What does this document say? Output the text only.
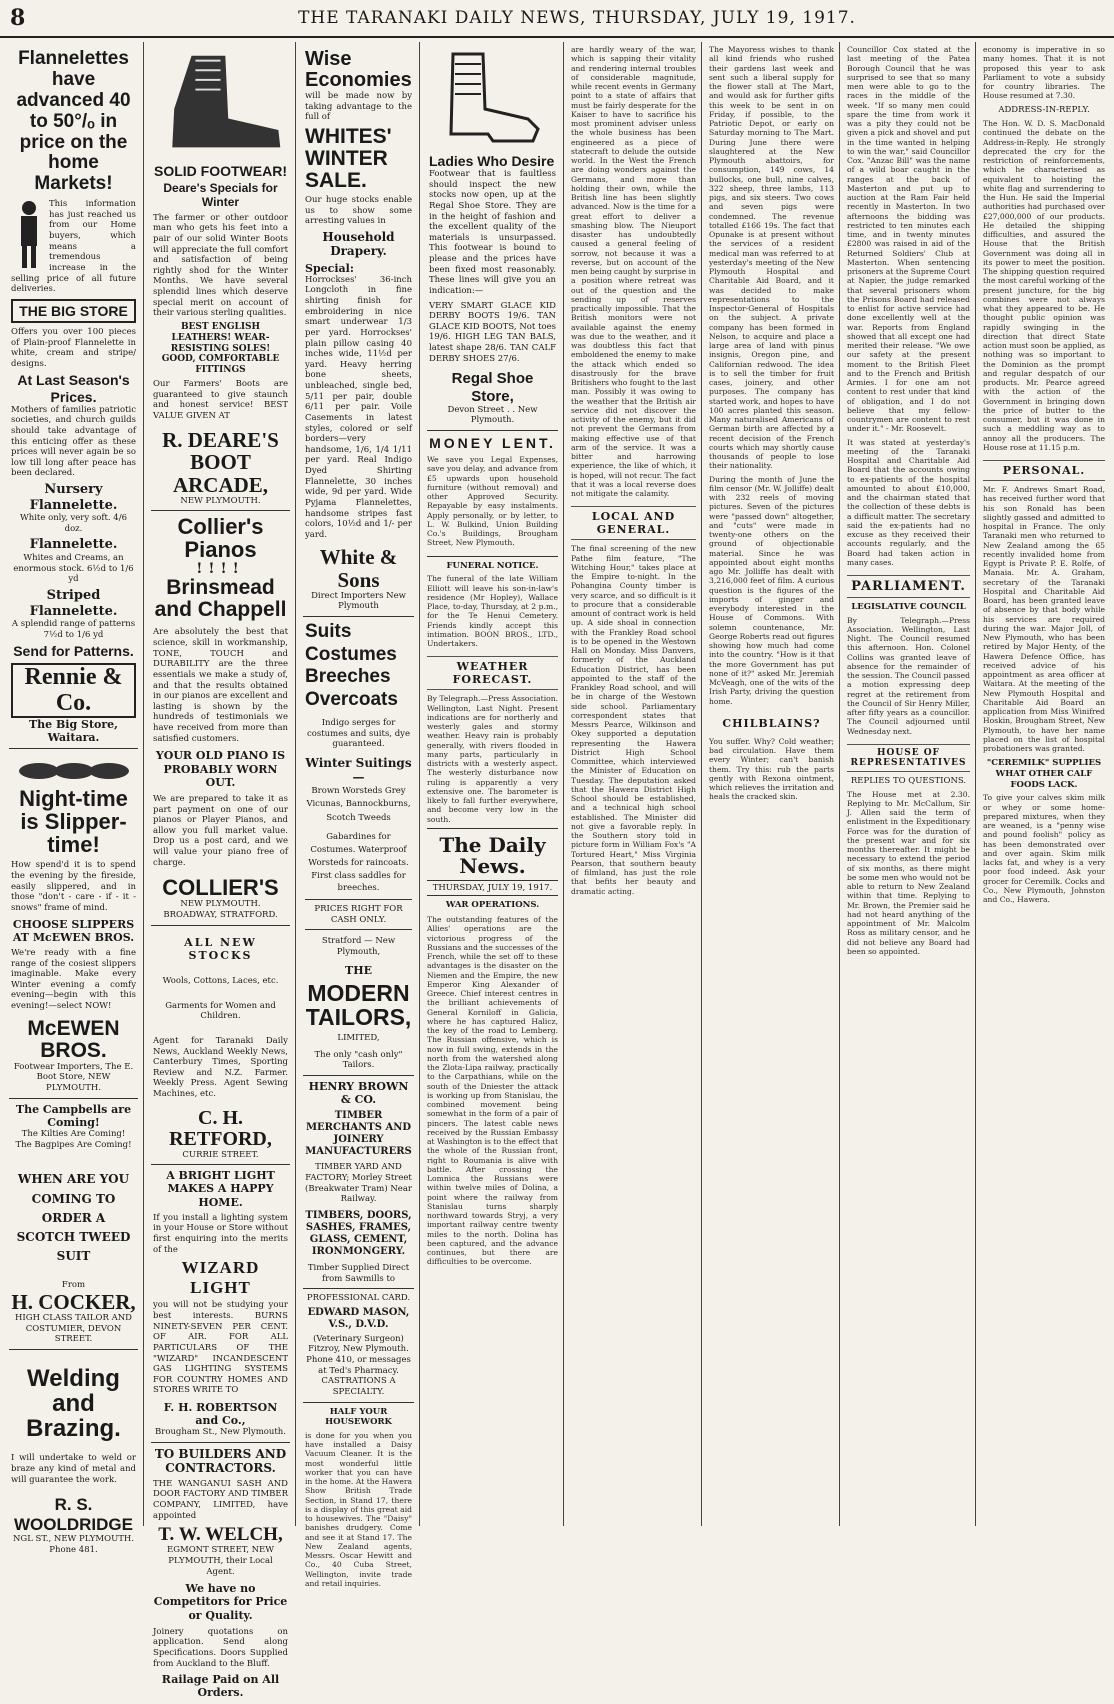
8	THE TARANAKI DAILY NEWS, THURSDAY, JULY 19, 1917.
Flannelettes have advanced 40 to 50°/ₒ in price on the home Markets!
This information has just reached us from our Home buyers, which means a tremendous increase in the selling price of all future deliveries.
THE BIG STORE
Offers you over 100 pieces of Plain-proof Flannelette in white, cream and stripe/ designs.
At Last Season's Prices.
Mothers of families patriotic societies, and church guilds should take advantage of this enticing offer as these prices will never again be so low till long after peace has been declared.
Nursery Flannelette.
White only, very soft. 4/6 doz.
Flannelette.
Whites and Creams, an enormous stock. 6½d to 1/6 yd
Striped Flannelette.
A splendid range of patterns 7½d to 1/6 yd
Send for Patterns.
Rennie & Co.
The Big Store, Waitara.
Night-time is Slipper-time!
How spend'd it is to spend the evening by the fireside, easily slippered, and in those "don't - care - if - it - snows" frame of mind.
CHOOSE SLIPPERS AT McEWEN BROS.
We're ready with a fine range of the cosiest slippers imaginable. Make every Winter evening a comfy evening—begin with this evening!—select NOW!
McEWEN BROS.
Footwear Importers, The E. Boot Store, NEW PLYMOUTH.
The Campbells are Coming!
The Kilties Are Coming!
The Bagpipes Are Coming!
WHEN ARE YOU COMING TO ORDER A SCOTCH TWEED SUIT
From
H. COCKER,
HIGH CLASS TAILOR AND COSTUMIER, DEVON STREET.
Welding and Brazing.
I will undertake to weld or braze any kind of metal and will guarantee the work.
R. S. WOOLDRIDGE
NGL ST., NEW PLYMOUTH. Phone 481.
SOLID FOOTWEAR!
Deare's Specials for Winter
The farmer or other outdoor man who gets his feet into a pair of our solid Winter Boots will appreciate the full comfort and satisfaction of being rightly shod for the Winter Months. We have several splendid lines which deserve special merit on account of their various sterling qualities.
BEST ENGLISH LEATHERS! WEAR-RESISTING SOLES! GOOD, COMFORTABLE FITTINGS
Our Farmers' Boots are guaranteed to give staunch and honest service! BEST VALUE GIVEN AT
R. DEARE'S BOOT ARCADE,
NEW PLYMOUTH.
Collier's Pianos
!!!!
Brinsmead and Chappell
Are absolutely the best that science, skill in workmanship, TONE, TOUCH and DURABILITY are the three essentials we make a study of, and that the results obtained in our pianos are excellent and lasting is shown by the hundreds of testimonials we have received from more than satisfied customers.
YOUR OLD PIANO IS PROBABLY WORN OUT.
We are prepared to take it as part payment on one of our pianos or Player Pianos, and allow you full market value. Drop us a post card, and we will value your piano free of charge.
COLLIER'S
NEW PLYMOUTH. BROADWAY, STRATFORD.
ALL NEW STOCKS
Wools, Cottons, Laces, etc.
Garments for Women and Children.
Agent for Taranaki Daily News, Auckland Weekly News, Canterbury Times, Sporting Review and N.Z. Farmer. Weekly Press. Agent Sewing Machines, etc.
C. H. RETFORD,
CURRIE STREET.
A BRIGHT LIGHT MAKES A HAPPY HOME.
If you install a lighting system in your House or Store without first enquiring into the merits of the
WIZARD LIGHT
you will not be studying your best interests. BURNS NINETY-SEVEN PER CENT. OF AIR. FOR ALL PARTICULARS OF THE "WIZARD" INCANDESCENT GAS LIGHTING SYSTEMS FOR COUNTRY HOMES AND STORES WRITE TO
F. H. ROBERTSON and Co.,
Brougham St., New Plymouth.
TO BUILDERS AND CONTRACTORS.
THE WANGANUI SASH AND DOOR FACTORY AND TIMBER COMPANY, LIMITED, have appointed
T. W. WELCH,
EGMONT STREET, NEW PLYMOUTH, their Local Agent.
We have no Competitors for Price or Quality.
Joinery quotations on application. Send along Specifications. Doors Supplied from Auckland to the Bluff.
Railage Paid on All Orders.
Wise Economies
will be made now by taking advantage to the full of
WHITES' WINTER SALE.
Our huge stocks enable us to show some arresting values in
Household Drapery.
Special:
Horrockses' 36-inch Longcloth in fine shirting finish for embroidering in nice smart underwear 1/3 per yard. Horrockses' plain pillow casing 40 inches wide, 11½d per yard. Heavy herring bone sheets, unbleached, single bed, 5/11 per pair, double 6/11 per pair. Voile Casements in latest styles, colored or self borders—very handsome, 1/6, 1/4 1/11 per yard. Real Indigo Dyed Shirting Flannelette, 30 inches wide, 9d per yard. Wide Pyjama Flannelettes, handsome stripes fast colors, 10½d and 1/- per yard.
White & Sons
Direct Importers New Plymouth
Suits Costumes Breeches Overcoats
Indigo serges for costumes and suits, dye guaranteed.
Winter Suitings—
Brown Worsteds Grey Vicunas, Bannockburns, Scotch Tweeds
Gabardines for Costumes. Waterproof Worsteds for raincoats. First class saddles for breeches.
PRICES RIGHT FOR CASH ONLY.
Stratford — New Plymouth,
THE
MODERN TAILORS,
LIMITED,
The only "cash only" Tailors.
HENRY BROWN & CO.
TIMBER MERCHANTS AND JOINERY MANUFACTURERS
TIMBER YARD AND FACTORY; Morley Street (Breakwater Tram) Near Railway.
TIMBERS, DOORS, SASHES, FRAMES, GLASS, CEMENT, IRONMONGERY.
Timber Supplied Direct from Sawmills to
PROFESSIONAL CARD.
EDWARD MASON, V.S., D.V.D.
(Veterinary Surgeon) Fitzroy, New Plymouth. Phone 410, or messages at Ted's Pharmacy. CASTRATIONS A SPECIALTY.
HALF YOUR HOUSEWORK
is done for you when you have installed a Daisy Vacuum Cleaner. It is the most wonderful little worker that you can have in the home. At the Hawera Show British Trade Section, in Stand 17, there is a display of this great aid to housewives. The "Daisy" banishes drudgery. Come and see it at Stand 17. The New Zealand agents, Messrs. Oscar Hewitt and Co., 40 Cuba Street, Wellington, invite trade and retail inquiries.
Ladies Who Desire
Footwear that is faultless should inspect the new stocks now open, up at the Regal Shoe Store. They are in the height of fashion and the excellent quality of the materials is unsurpassed. This footwear is bound to please and the prices have been fixed most reasonably. These lines will give you an indication:—
VERY SMART GLACE KID DERBY BOOTS 19/6. TAN GLACE KID BOOTS, Not toes 19/6. HIGH LEG TAN BALS, latest shape 28/6. TAN CALF DERBY SHOES 27/6.
Regal Shoe Store,
Devon Street . . New Plymouth.
MONEY LENT.
We save you Legal Expenses, save you delay, and advance from £5 upwards upon household furniture (without removal) and other Approved Security. Repayable by easy instalments. Apply personally, or by letter, to L. W. Bulkind, Union Building Co.'s Buildings, Brougham Street, New Plymouth.
FUNERAL NOTICE.
The funeral of the late William Elliott will leave his son-in-law's residence (Mr Hopley), Wallace Place, to-day, Thursday, at 2 p.m., for the Te Henui Cemetery. Friends kindly accept this intimation. BOON BROS., LTD., Undertakers.
WEATHER FORECAST.
By Telegraph.—Press Association. Wellington, Last Night. Present indications are for northerly and westerly gales and stormy weather. Heavy rain is probably generally, with rivers flooded in many parts, particularly in districts with a westerly aspect. The westerly disturbance now ruling is apparently a very extensive one. The barometer is likely to fall further everywhere, and become very low in the south.
The Daily News.
THURSDAY, JULY 19, 1917.
WAR OPERATIONS.
The outstanding features of the Allies' operations are the victorious progress of the Russians and the successes of the French, while the set off to these advantages is the disaster on the Niemen and the Empire, the new Emperor King Alexander of Greece. Chief interest centres in the brilliant achievements of General Korniloff in Galicia, where he has captured Halicz, the key of the road to Lemberg. The Russian offensive, which is now in full swing, extends in the north from the watershed along the Zlota-Lipa railway, practically to the Carpathians, while on the south of the Dniester the attack is working up from Stanislau, the combined movement being somewhat in the form of a pair of pincers. The latest cable news received by the Russian Embassy at Washington is to the effect that the whole of the Russian front, right to Roumania is alive with battle. After crossing the Lomnica the Russians were within twelve miles of Dolina, a point where the railway from Stanislau turns sharply northward towards Stryj, a very important railway centre twenty miles to the north. Dolina has been captured, and the advance continues, but there are difficulties to be overcome.
are hardly weary of the war, which is sapping their vitality and rendering internal troubles of considerable magnitude, while recent events in Germany point to a state of affairs that must be fairly desperate for the Kaiser to have to sacrifice his most prominent adviser unless the whole business has been engineered as a piece of statecraft to delude the outside world. In the West the French are doing wonders against the Germans, and more than holding their own, while the British line has been slightly advanced. Now is the time for a great effort to deliver a smashing blow. The Nieuport disaster has undoubtedly caused a general feeling of sorrow, not because it was a reverse, but on account of the men being caught by surprise in a position where retreat was out of the question and the sending up of reserves practically impossible. That the British monitors were not available against the enemy was due to the weather, and it was doubtless this fact that emboldened the enemy to make the attack which ended so disastrously for the brave Britishers who fought to the last man. Possibly it was owing to the weather that the British air service did not discover the activity of the enemy, but it did not prevent the Germans from making effective use of that arm of the service. It was a bitter and harrowing experience, the like of which, it is hoped, will not recur. The fact that it was a local reverse does not mitigate the calamity.
LOCAL AND GENERAL.
The final screening of the new Pathe film feature, "The Witching Hour," takes place at the Empire to-night. In the Pohangina County timber is very scarce, and so difficult is it to procure that a considerable amount of contract work is held up. A side shoal in connection with the Frankley Road school is to be opened in the Westown Hall on Monday. Miss Danvers, formerly of the Auckland Education District, has been appointed to the staff of the Frankley Road school, and will be in charge of the Westown side school. Parliamentary correspondent states that Messrs Pearce, Wilkinson and Okey supported a deputation representing the Hawera District High School Committee, which interviewed the Minister of Education on Tuesday. The deputation asked that the Hawera District High School should be established, and a technical high school established. The Minister did not give a favorable reply. In the Southern story told in picture form in William Fox's "A Tortured Heart," Miss Virginia Pearson, that southern beauty of filmland, has just the role that befits her beauty and dramatic acting.
The Mayoress wishes to thank all kind friends who rushed their gardens last week and sent such a liberal supply for the flower stall at The Mart, and would ask for further gifts this week to be sent in on Friday, if possible, to the Patriotic Depot, or early on Saturday morning to The Mart. During June there were slaughtered at the New Plymouth abattoirs, for consumption, 149 cows, 14 bullocks, one bull, nine calves, 322 sheep, three lambs, 113 pigs, and six steers. Two cows and seven pigs were condemned. The revenue totalled £166 19s. The fact that Opunake is at present without the services of a resident medical man was referred to at yesterday's meeting of the New Plymouth Hospital and Charitable Aid Board, and it was decided to make representations to the Inspector-General of Hospitals on the subject. A private company has been formed in Nelson, to acquire and place a large area of land with pinus insignis, Oregon pine, and Californian redwood. The idea is to sell the timber for fruit cases, joinery, and other purposes. The company has started work, and hopes to have 100 acres planted this season. Many naturalised Americans of German birth are affected by a recent decision of the French courts which may shortly cause thousands of people to lose their nationality.
During the month of June the film censor (Mr. W. Jolliffe) dealt with 232 reels of moving pictures. Seven of the pictures were "passed down" altogether, and "cuts" were made in twenty-one others on the ground of objectionable material. Since he was appointed about eight months ago Mr. Jolliffe has dealt with 3,216,000 feet of film. A curious question is the figures of the imports of ginger and everybody interested in the House of Commons. With solemn countenance, Mr. George Roberts read out figures showing how much had come into the country. "How is it that the more Government has put none of it?" asked Mr. Jeremiah McVeagh, one of the wits of the Irish Party, driving the question home.
CHILBLAINS?
You suffer. Why? Cold weather; bad circulation. Have them every Winter; can't banish them. Try this: rub the parts gently with Rexona ointment, which relieves the irritation and heals the cracked skin.
Councillor Cox stated at the last meeting of the Patea Borough Council that he was surprised to see that so many men were able to go to the races in the middle of the week. "If so many men could spare the time from work it was a pity they could not be given a pick and shovel and put in the time wanted in helping to win the war," said Councillor Cox. "Anzac Bill" was the name of a wild boar caught in the ranges at the back of Masterton and put up to auction at the Ram Fair held recently in Masterton. In two afternoons the bidding was restricted to ten minutes each time, and in twenty minutes £2800 was raised in aid of the Returned Soldiers' Club at Masterton. When sentencing prisoners at the Supreme Court at Napier, the judge remarked that several prisoners whom the Prisons Board had released to enlist for active service had done excellently well at the war. Reports from England showed that all except one had merited their release. "We owe our safety at the present moment to the British Fleet and to the French and British Armies. I for one am not content to rest under that kind of obligation, and I do not believe that my fellow-countrymen are content to rest under it." - Mr. Roosevelt.
It was stated at yesterday's meeting of the Taranaki Hospital and Charitable Aid Board that the accounts owing to ex-patients of the hospital amounted to about £10,000, and the chairman stated that the collection of these debts is a difficult matter. The secretary said the ex-patients had no excuse as they received their accounts regularly, and the Board had taken action in many cases.
PARLIAMENT.
LEGISLATIVE COUNCIL
By Telegraph.—Press Association. Wellington, Last Night. The Council resumed this afternoon. Hon. Colonel Collins was granted leave of absence for the remainder of the session. The Council passed a motion expressing deep regret at the retirement from the Council of Sir Henry Miller, after fifty years as a councillor. The Council adjourned until Wednesday next.
HOUSE OF REPRESENTATIVES
REPLIES TO QUESTIONS.
The House met at 2.30. Replying to Mr. McCallum, Sir J. Allen said the term of enlistment in the Expeditionary Force was for the duration of the present war and for six months thereafter. It might be necessary to extend the period of six months, as there might be some men who would not be able to return to New Zealand within that time. Replying to Mr. Brown, the Premier said he had not heard anything of the appointment of Mr. Malcolm Ross as military censor, and he did not believe any Board had been so appointed.
economy is imperative in so many homes. That it is not proposed this year to ask Parliament to vote a subsidy for country libraries. The House resumed at 7.30.
ADDRESS-IN-REPLY.
The Hon. W. D. S. MacDonald continued the debate on the Address-in-Reply. He strongly deprecated the cry for the restriction of reinforcements, which he characterised as equivalent to hoisting the white flag and surrendering to the Hun. He said the Imperial authorities had purchased over £27,000,000 of our products. He detailed the shipping difficulties, and assured the House that the British Government was doing all in its power to meet the position. The shipping question required the most careful working of the present juncture, for the big combines were not always what they appeared to be. He thought public opinion was rapidly swinging in the direction that direct State action must soon be applied, as nothing was so important to the Dominion as the prompt and regular despatch of our products. Mr. Pearce agreed with the action of the Government in bringing down the price of butter to the consumer, but it was done in such a meddling way as to annoy all the producers. The House rose at 11.15 p.m.
PERSONAL.
Mr. F. Andrews Smart Road, has received further word that his son Ronald has been slightly gassed and admitted to hospital in France. The only Taranaki men who returned to New Zealand among the 65 recently invalided home from Egypt is Private P. E. Rolfe, of Manaia. Mr. A. Graham, secretary of the Taranaki Hospital and Charitable Aid Board, has been granted leave of absence by that body while his services are required during the war. Major Joll, of New Plymouth, who has been retired by Major Henty, of the Hawera Defence Office, has received advice of his appointment as area officer at Waitara. At the meeting of the New Plymouth Hospital and Charitable Aid Board an application from Miss Winifred Hoskin, Brougham Street, New Plymouth, to have her name placed on the list of hospital probationers was granted.
"CEREMILK" SUPPLIES WHAT OTHER CALF FOODS LACK.
To give your calves skim milk or whey or some home-prepared mixtures, when they are weaned, is a "penny wise and pound foolish" policy as has been demonstrated over and over again. Skim milk lacks fat, and whey is a very poor food indeed. Ask your grocer for Ceremilk. Cocks and Co., New Plymouth, Johnston and Co., Hawera.
